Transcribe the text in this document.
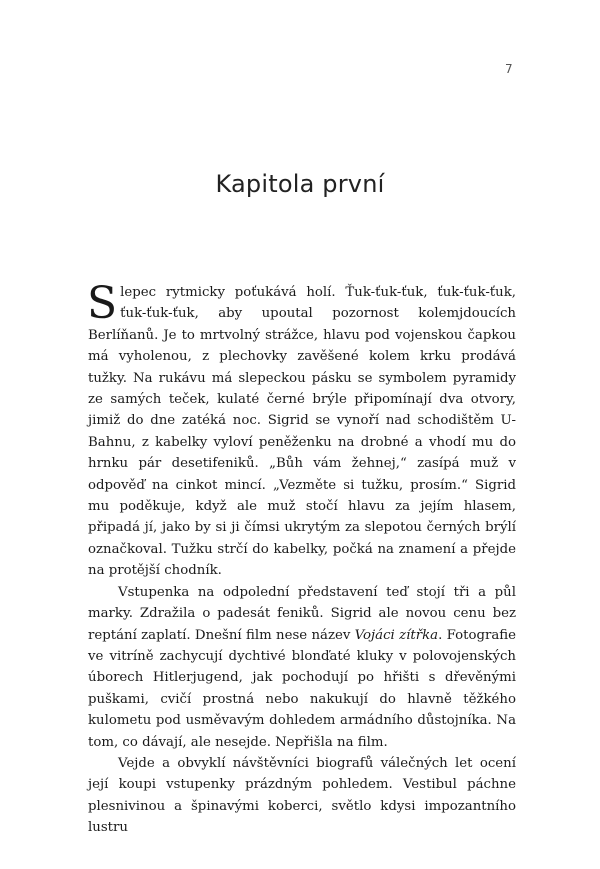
7
Kapitola první

Slepec rytmicky poťukává holí. Ťuk-ťuk-ťuk, ťuk-ťuk-ťuk, ťuk-ťuk-ťuk, aby upoutal pozornost kolemjdoucích Berlíňanů. Je to mrtvolný strážce, hlavu pod vojenskou čapkou má vyholenou, z plechovky zavěšené kolem krku prodává tužky. Na rukávu má slepeckou pásku se symbolem pyramidy ze samých teček, kulaté černé brýle připomínají dva otvory, jimiž do dne zatéká noc. Sigrid se vynoří nad schodištěm U-Bahnu, z kabelky vyloví peněženku na drobné a vhodí mu do hrnku pár desetifeniků. „Bůh vám žehnej,“ zasípá muž v odpověď na cinkot mincí. „Vezměte si tužku, prosím.“ Sigrid mu poděkuje, když ale muž stočí hlavu za jejím hlasem, připadá jí, jako by si ji čímsi ukrytým za slepotou černých brýlí označkoval. Tužku strčí do kabelky, počká na znamení a přejde na protější chodník.

Vstupenka na odpolední představení teď stojí tři a půl marky. Zdražila o padesát feniků. Sigrid ale novou cenu bez reptání zaplatí. Dnešní film nese název Vojáci zítřka. Fotografie ve vitríně zachycují dychtivé blonďaté kluky v polovojenských úborech Hitlerjugend, jak pochodují po hřišti s dřevěnými puškami, cvičí prostná nebo nakukují do hlavně těžkého kulometu pod usměvavým dohledem armádního důstojníka. Na tom, co dávají, ale nesejde. Nepřišla na film.

Vejde a obvyklí návštěvníci biografů válečných let ocení její koupi vstupenky prázdným pohledem. Vestibul páchne plesnivinou a špinavými koberci, světlo kdysi impozantního lustru
